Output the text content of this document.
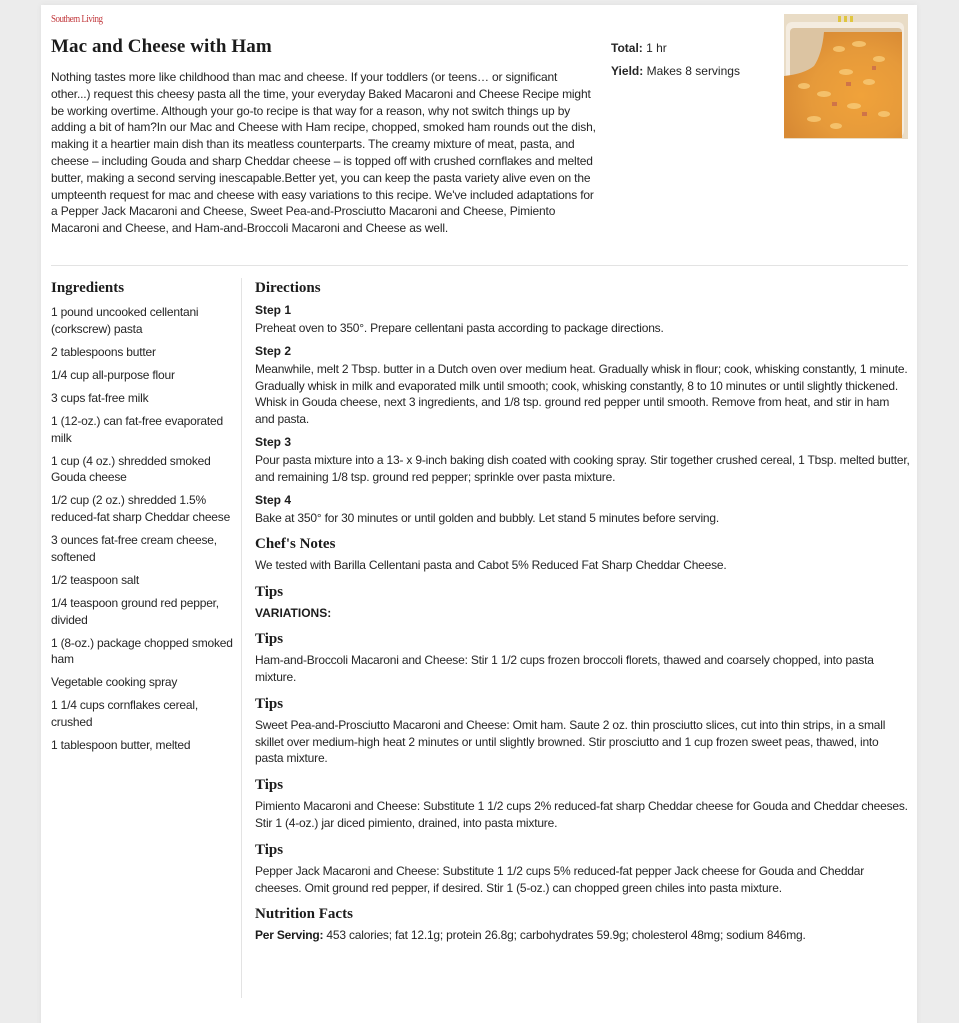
Southern Living
Mac and Cheese with Ham

Nothing tastes more like childhood than mac and cheese. If your toddlers (or teens… or significant other...) request this cheesy pasta all the time, your everyday Baked Macaroni and Cheese Recipe might be working overtime. Although your go-to recipe is that way for a reason, why not switch things up by adding a bit of ham?In our Mac and Cheese with Ham recipe, chopped, smoked ham rounds out the dish, making it a heartier main dish than its meatless counterparts. The creamy mixture of meat, pasta, and cheese – including Gouda and sharp Cheddar cheese – is topped off with crushed cornflakes and melted butter, making a second serving inescapable.Better yet, you can keep the pasta variety alive even on the umpteenth request for mac and cheese with easy variations to this recipe. We've included adaptations for a Pepper Jack Macaroni and Cheese, Sweet Pea-and-Prosciutto Macaroni and Cheese, Pimiento Macaroni and Cheese, and Ham-and-Broccoli Macaroni and Cheese as well.

Total: 1 hr
Yield: Makes 8 servings
Ingredients
1 pound uncooked cellentani (corkscrew) pasta
2 tablespoons butter
1/4 cup all-purpose flour
3 cups fat-free milk
1 (12-oz.) can fat-free evaporated milk
1 cup (4 oz.) shredded smoked Gouda cheese
1/2 cup (2 oz.) shredded 1.5% reduced-fat sharp Cheddar cheese
3 ounces fat-free cream cheese, softened
1/2 teaspoon salt
1/4 teaspoon ground red pepper, divided
1 (8-oz.) package chopped smoked ham
Vegetable cooking spray
1 1/4 cups cornflakes cereal, crushed
1 tablespoon butter, melted
Directions
Step 1

Preheat oven to 350°. Prepare cellentani pasta according to package directions.

Step 2

Meanwhile, melt 2 Tbsp. butter in a Dutch oven over medium heat. Gradually whisk in flour; cook, whisking constantly, 1 minute. Gradually whisk in milk and evaporated milk until smooth; cook, whisking constantly, 8 to 10 minutes or until slightly thickened. Whisk in Gouda cheese, next 3 ingredients, and 1/8 tsp. ground red pepper until smooth. Remove from heat, and stir in ham and pasta.

Step 3

Pour pasta mixture into a 13- x 9-inch baking dish coated with cooking spray. Stir together crushed cereal, 1 Tbsp. melted butter, and remaining 1/8 tsp. ground red pepper; sprinkle over pasta mixture.

Step 4

Bake at 350° for 30 minutes or until golden and bubbly. Let stand 5 minutes before serving.

Chef's Notes

We tested with Barilla Cellentani pasta and Cabot 5% Reduced Fat Sharp Cheddar Cheese.

Tips

VARIATIONS:

Tips

Ham-and-Broccoli Macaroni and Cheese: Stir 1 1/2 cups frozen broccoli florets, thawed and coarsely chopped, into pasta mixture.

Tips

Sweet Pea-and-Prosciutto Macaroni and Cheese: Omit ham. Saute 2 oz. thin prosciutto slices, cut into thin strips, in a small skillet over medium-high heat 2 minutes or until slightly browned. Stir prosciutto and 1 cup frozen sweet peas, thawed, into pasta mixture.

Tips

Pimiento Macaroni and Cheese: Substitute 1 1/2 cups 2% reduced-fat sharp Cheddar cheese for Gouda and Cheddar cheeses. Stir 1 (4-oz.) jar diced pimiento, drained, into pasta mixture.

Tips

Pepper Jack Macaroni and Cheese: Substitute 1 1/2 cups 5% reduced-fat pepper Jack cheese for Gouda and Cheddar cheeses. Omit ground red pepper, if desired. Stir 1 (5-oz.) can chopped green chiles into pasta mixture.

Nutrition Facts

Per Serving: 453 calories; fat 12.1g; protein 26.8g; carbohydrates 59.9g; cholesterol 48mg; sodium 846mg.
